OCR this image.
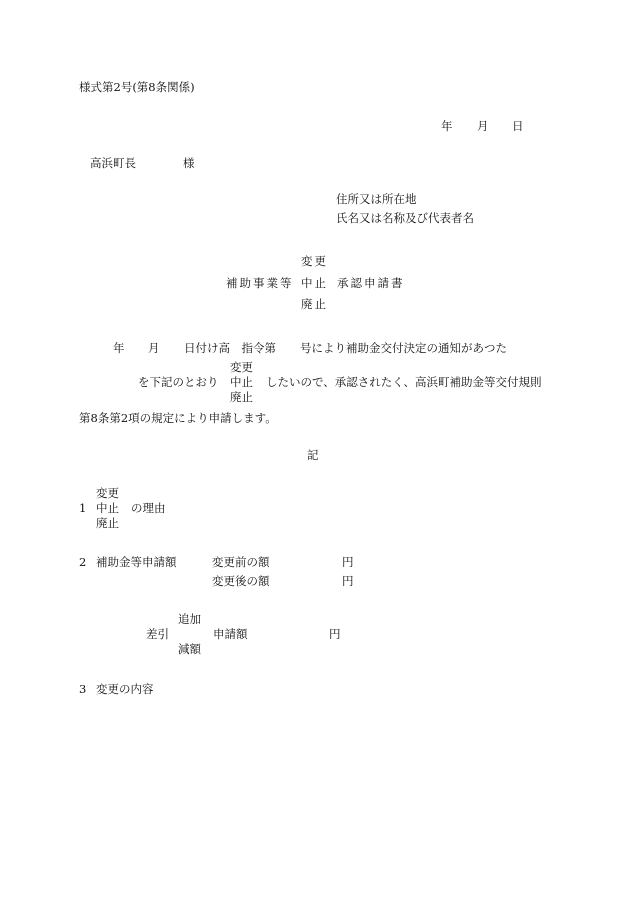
様式第2号(第8条関係)
年 月 日
高浜町長	様
住所又は所在地
氏名又は名称及び代表者名
変更
補助事業等 中止 承認申請書
廃止
年 月 日付け高　指令第 号により補助金交付決定の通知があつた
変更
を下記のとおり 中止 したいので、承認されたく、高浜町補助金等交付規則
廃止
第8条第2項の規定により申請します。
記
変更
1 中止 の理由
廃止
2 補助金等申請額	変更前の額	円
変更後の額	円
追加
差引	申請額	円
減額
3 変更の内容
